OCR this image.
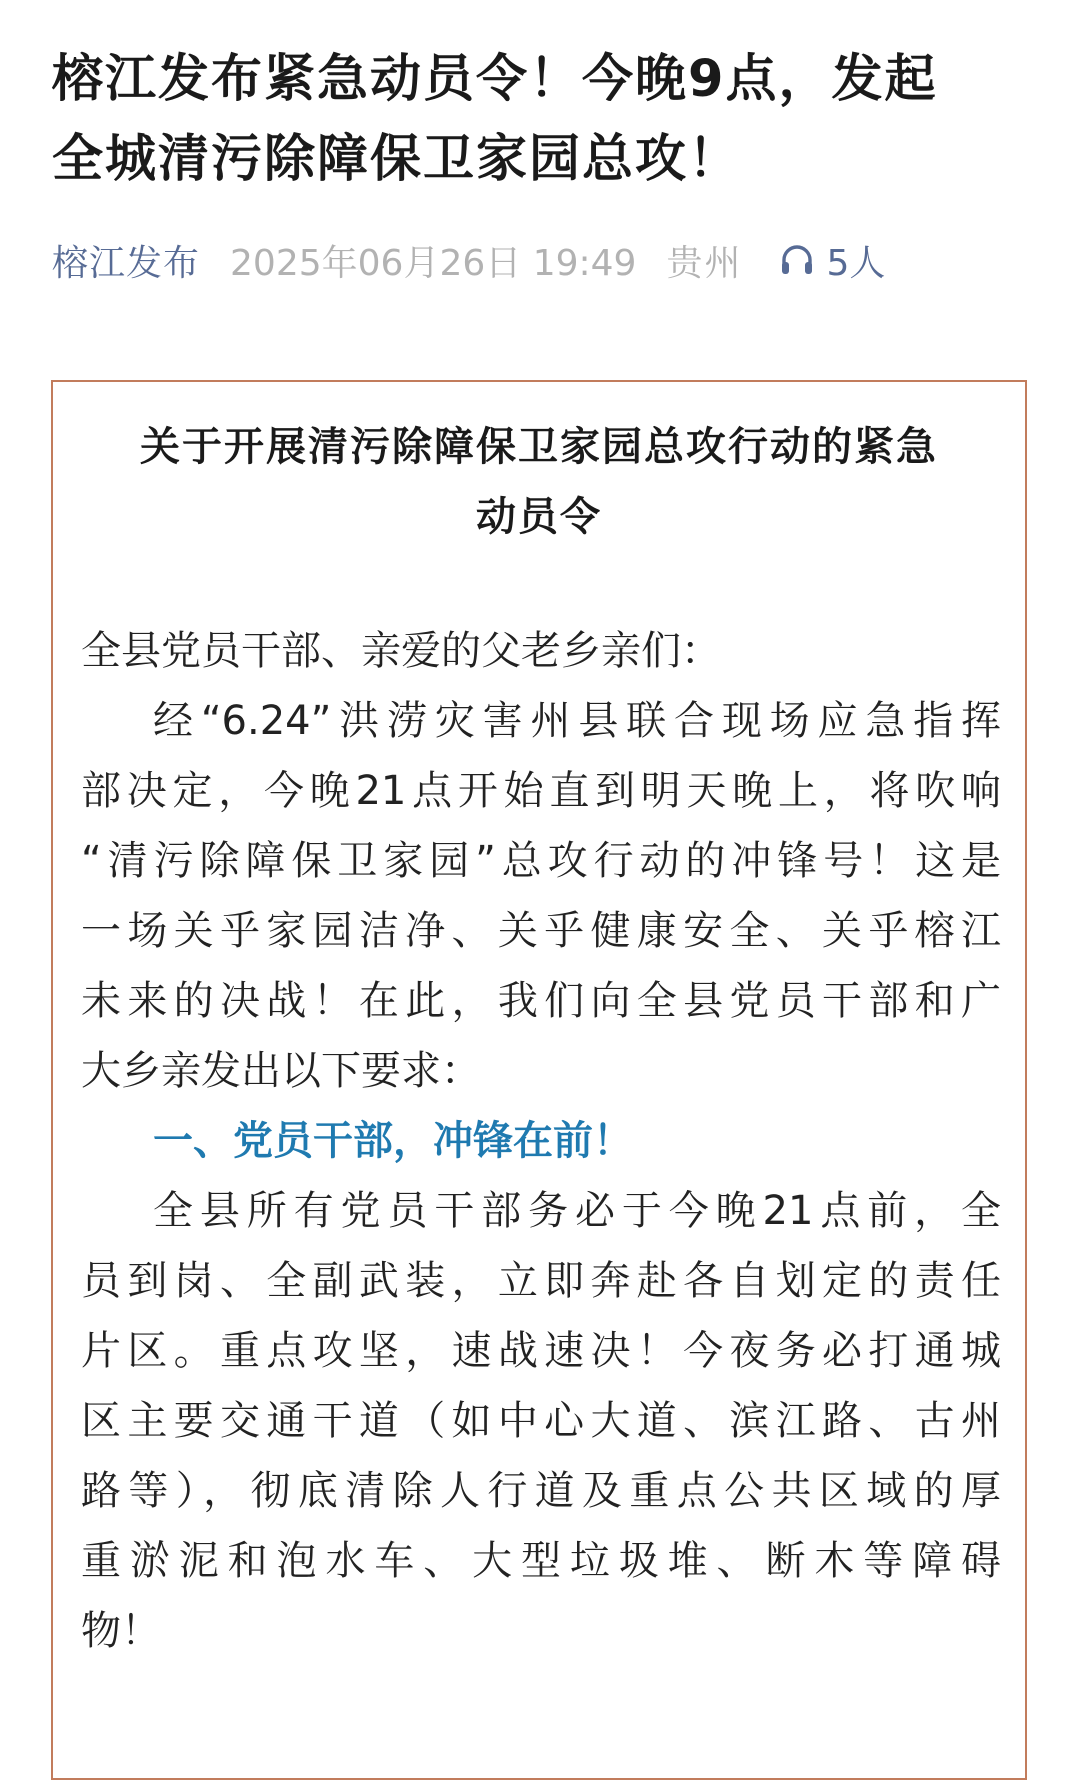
榕江发布紧急动员令！今晚9点，发起
全城清污除障保卫家园总攻！
榕江发布 2025年06月26日 19:49 贵州 5人
关于开展清污除障保卫家园总攻行动的紧急
动员令
全县党员干部、亲爱的父老乡亲们：
经“6.24”洪涝灾害州县联合现场应急指挥
部决定，今晚21点开始直到明天晚上，将吹响
“清污除障保卫家园”总攻行动的冲锋号！这是
一场关乎家园洁净、关乎健康安全、关乎榕江
未来的决战！在此，我们向全县党员干部和广
大乡亲发出以下要求：
一、党员干部，冲锋在前！
全县所有党员干部务必于今晚21点前，全
员到岗、全副武装，立即奔赴各自划定的责任
片区。重点攻坚，速战速决！今夜务必打通城
区主要交通干道（如中心大道、滨江路、古州
路等），彻底清除人行道及重点公共区域的厚
重淤泥和泡水车、大型垃圾堆、断木等障碍
物！
